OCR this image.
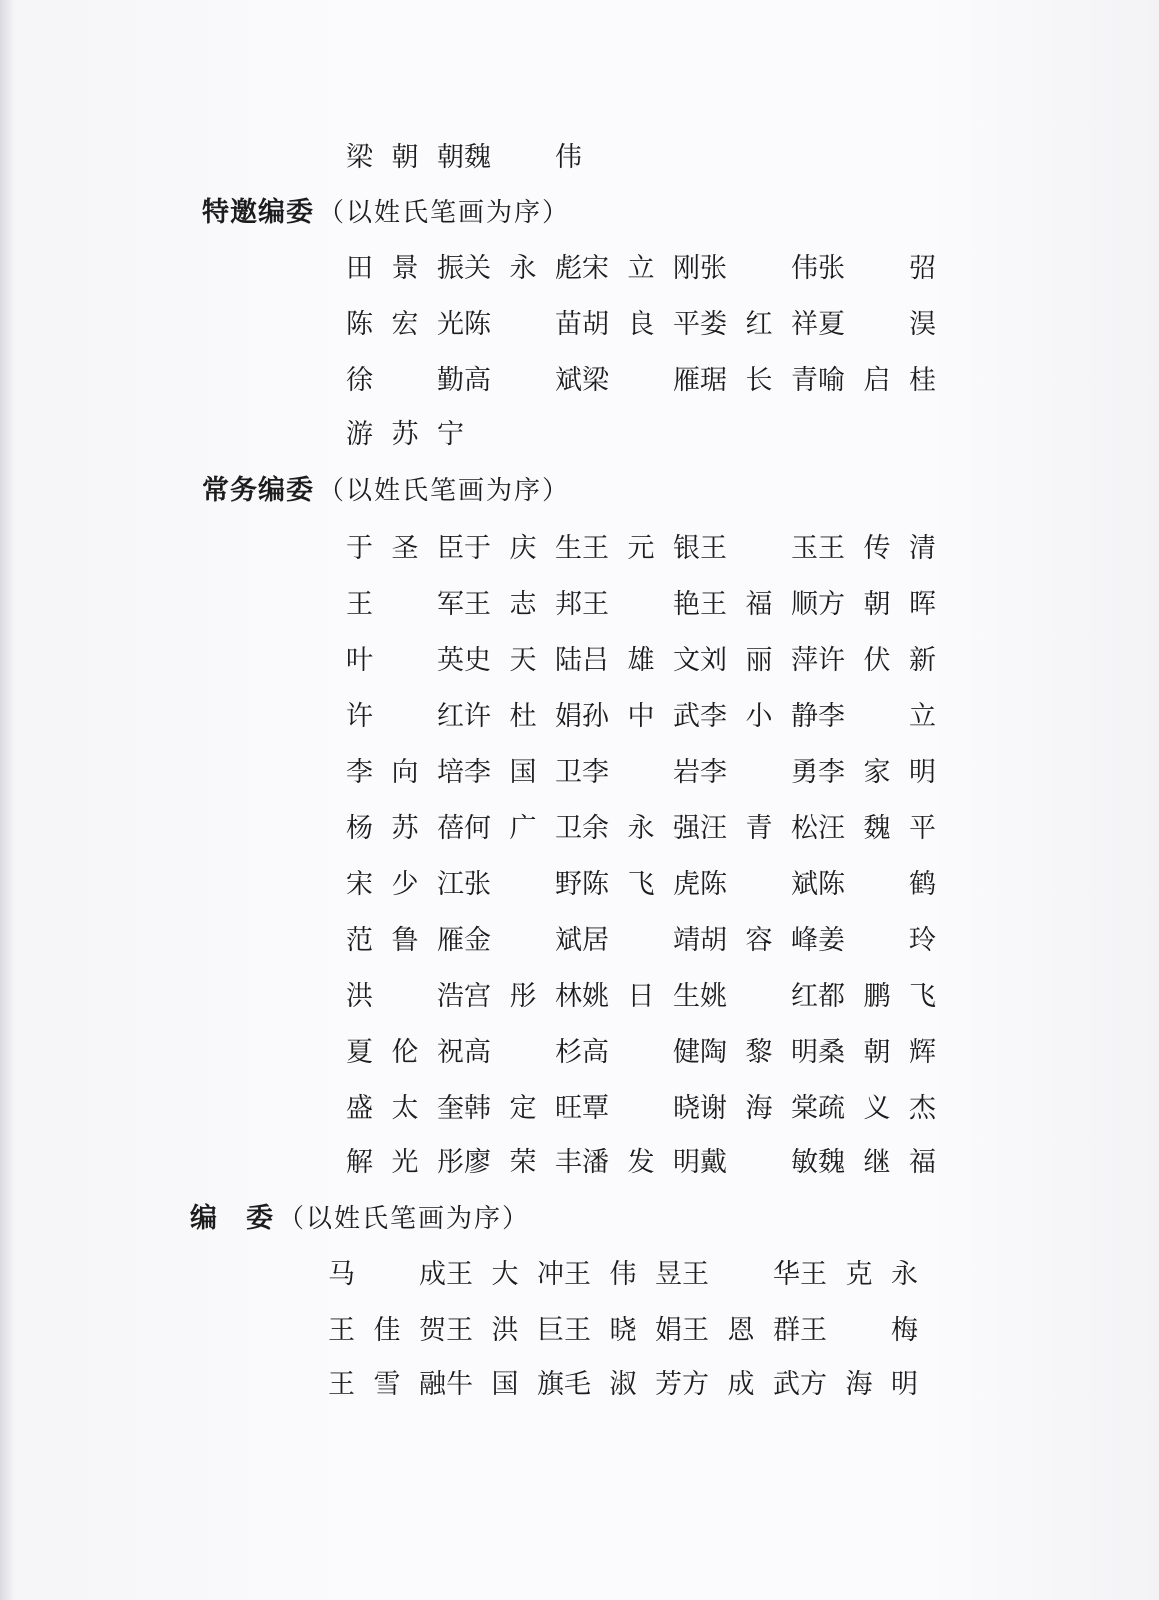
梁朝朝 魏　伟
特邀编委 （以姓氏笔画为序）
田景振 关永彪 宋立刚 张　伟 张　弨
陈宏光 陈　苗 胡良平 娄红祥 夏　淏
徐　勤 高　斌 梁　雁 琚长青 喻启桂
游苏宁
常务编委 （以姓氏笔画为序）
于圣臣 于庆生 王元银 王　玉 王传清
王　军 王志邦 王　艳 王福顺 方朝晖
叶　英 史天陆 吕雄文 刘丽萍 许伏新
许　红 许杜娟 孙中武 李小静 李　立
李向培 李国卫 李　岩 李　勇 李家明
杨苏蓓 何广卫 余永强 汪青松 汪魏平
宋少江 张　野 陈飞虎 陈　斌 陈　鹤
范鲁雁 金　斌 居　靖 胡容峰 姜　玲
洪　浩 宫彤林 姚日生 姚　红 都鹏飞
夏伦祝 高　杉 高　健 陶黎明 桑朝辉
盛太奎 韩定旺 覃　晓 谢海棠 疏义杰
解光彤 廖荣丰 潘发明 戴　敏 魏继福
编　委 （以姓氏笔画为序）
马　成 王大冲 王伟昱 王　华 王克永
王佳贺 王洪巨 王晓娟 王恩群 王　梅
王雪融 牛国旗 毛淑芳 方成武 方海明
